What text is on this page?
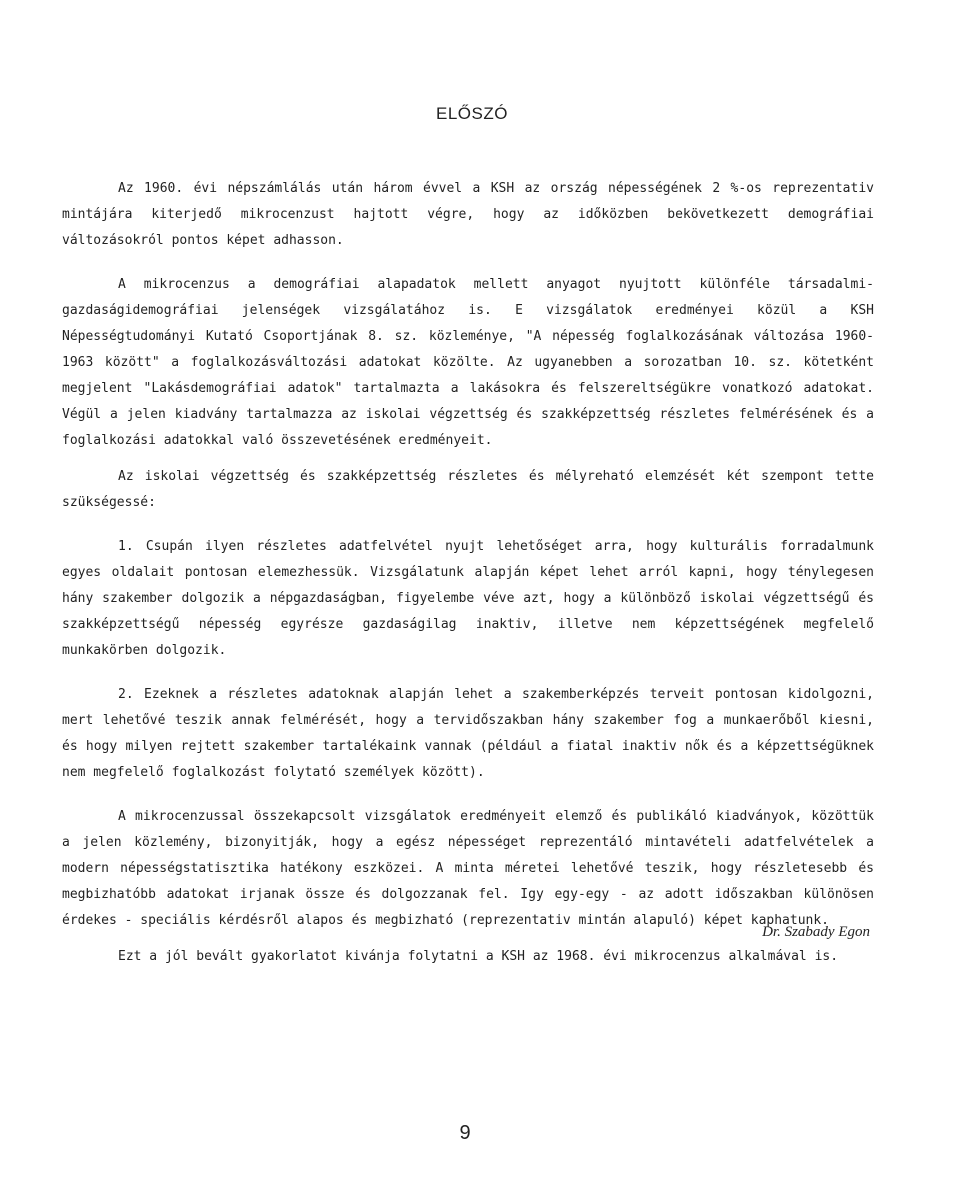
ELŐSZÓ

Az 1960. évi népszámlálás után három évvel a KSH az ország népességének 2 %-os reprezentativ mintájára kiterjedő mikrocenzust hajtott végre, hogy az időközben bekövetkezett demográfiai változásokról pontos képet adhasson.

A mikrocenzus a demográfiai alapadatok mellett anyagot nyujtott különféle társadalmi-gazdaságidemográfiai jelenségek vizsgálatához is. E vizsgálatok eredményei közül a KSH Népességtudományi Kutató Csoportjának 8. sz. közleménye, "A népesség foglalkozásának változása 1960-1963 között" a foglalkozásváltozási adatokat közölte. Az ugyanebben a sorozatban 10. sz. kötetként megjelent "Lakásdemográfiai adatok" tartalmazta a lakásokra és felszereltségükre vonatkozó adatokat. Végül a jelen kiadvány tartalmazza az iskolai végzettség és szakképzettség részletes felmérésének és a foglalkozási adatokkal való összevetésének eredményeit.

Az iskolai végzettség és szakképzettség részletes és mélyreható elemzését két szempont tette szükségessé:

1. Csupán ilyen részletes adatfelvétel nyujt lehetőséget arra, hogy kulturális forradalmunk egyes oldalait pontosan elemezhessük. Vizsgálatunk alapján képet lehet arról kapni, hogy ténylegesen hány szakember dolgozik a népgazdaságban, figyelembe véve azt, hogy a különböző iskolai végzettségű és szakképzettségű népesség egyrésze gazdaságilag inaktiv, illetve nem képzettségének megfelelő munkakörben dolgozik.

2. Ezeknek a részletes adatoknak alapján lehet a szakemberképzés terveit pontosan kidolgozni, mert lehetővé teszik annak felmérését, hogy a tervidőszakban hány szakember fog a munkaerőből kiesni, és hogy milyen rejtett szakember tartalékaink vannak (például a fiatal inaktiv nők és a képzettségüknek nem megfelelő foglalkozást folytató személyek között).

A mikrocenzussal összekapcsolt vizsgálatok eredményeit elemző és publikáló kiadványok, közöttük a jelen közlemény, bizonyitják, hogy a egész népességet reprezentáló mintavételi adatfelvételek a modern népességstatisztika hatékony eszközei. A minta méretei lehetővé teszik, hogy részletesebb és megbizhatóbb adatokat irjanak össze és dolgozzanak fel. Igy egy-egy - az adott időszakban különösen érdekes - speciális kérdésről alapos és megbizható (reprezentativ mintán alapuló) képet kaphatunk.

Ezt a jól bevált gyakorlatot kivánja folytatni a KSH az 1968. évi mikrocenzus alkalmával is.

Dr. Szabady Egon
9
